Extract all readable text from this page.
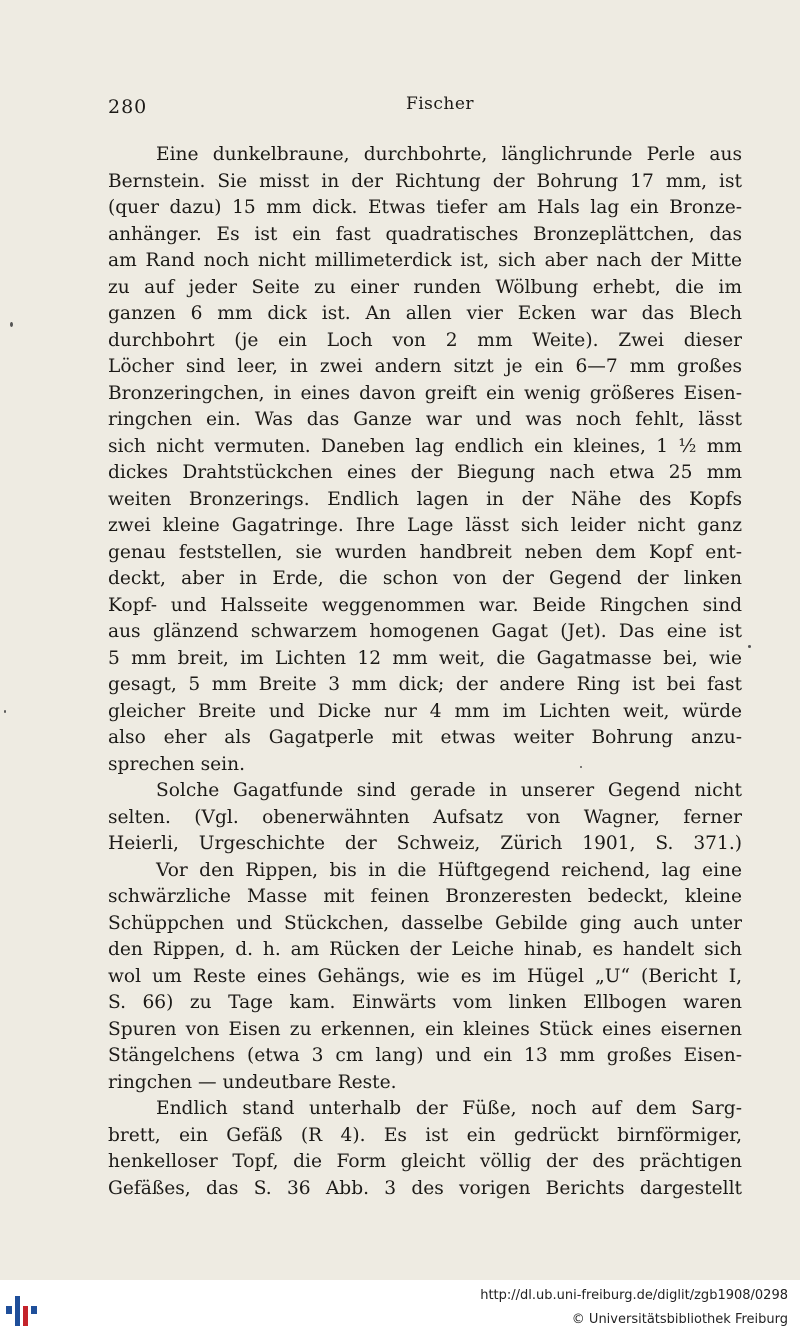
280	Fischer
Eine dunkelbraune, durchbohrte, länglichrunde Perle aus
Bernstein. Sie misst in der Richtung der Bohrung 17 mm, ist
(quer dazu) 15 mm dick. Etwas tiefer am Hals lag ein Bronze-
anhänger. Es ist ein fast quadratisches Bronzeplättchen, das
am Rand noch nicht millimeterdick ist, sich aber nach der Mitte
zu auf jeder Seite zu einer runden Wölbung erhebt, die im
ganzen 6 mm dick ist. An allen vier Ecken war das Blech
durchbohrt (je ein Loch von 2 mm Weite). Zwei dieser
Löcher sind leer, in zwei andern sitzt je ein 6—7 mm großes
Bronzeringchen, in eines davon greift ein wenig größeres Eisen-
ringchen ein. Was das Ganze war und was noch fehlt, lässt
sich nicht vermuten. Daneben lag endlich ein kleines, 1 ½ mm
dickes Drahtstückchen eines der Biegung nach etwa 25 mm
weiten Bronzerings. Endlich lagen in der Nähe des Kopfs
zwei kleine Gagatringe. Ihre Lage lässt sich leider nicht ganz
genau feststellen, sie wurden handbreit neben dem Kopf ent-
deckt, aber in Erde, die schon von der Gegend der linken
Kopf- und Halsseite weggenommen war. Beide Ringchen sind
aus glänzend schwarzem homogenen Gagat (Jet). Das eine ist
5 mm breit, im Lichten 12 mm weit, die Gagatmasse bei, wie
gesagt, 5 mm Breite 3 mm dick; der andere Ring ist bei fast
gleicher Breite und Dicke nur 4 mm im Lichten weit, würde
also eher als Gagatperle mit etwas weiter Bohrung anzu-
sprechen sein.
Solche Gagatfunde sind gerade in unserer Gegend nicht
selten. (Vgl. obenerwähnten Aufsatz von Wagner, ferner
Heierli, Urgeschichte der Schweiz, Zürich 1901, S. 371.)
Vor den Rippen, bis in die Hüftgegend reichend, lag eine
schwärzliche Masse mit feinen Bronzeresten bedeckt, kleine
Schüppchen und Stückchen, dasselbe Gebilde ging auch unter
den Rippen, d. h. am Rücken der Leiche hinab, es handelt sich
wol um Reste eines Gehängs, wie es im Hügel „U“ (Bericht I,
S. 66) zu Tage kam. Einwärts vom linken Ellbogen waren
Spuren von Eisen zu erkennen, ein kleines Stück eines eisernen
Stängelchens (etwa 3 cm lang) und ein 13 mm großes Eisen-
ringchen — undeutbare Reste.
Endlich stand unterhalb der Füße, noch auf dem Sarg-
brett, ein Gefäß (R 4). Es ist ein gedrückt birnförmiger,
henkelloser Topf, die Form gleicht völlig der des prächtigen
Gefäßes, das S. 36 Abb. 3 des vorigen Berichts dargestellt
http://dl.ub.uni-freiburg.de/diglit/zgb1908/0298
© Universitätsbibliothek Freiburg
